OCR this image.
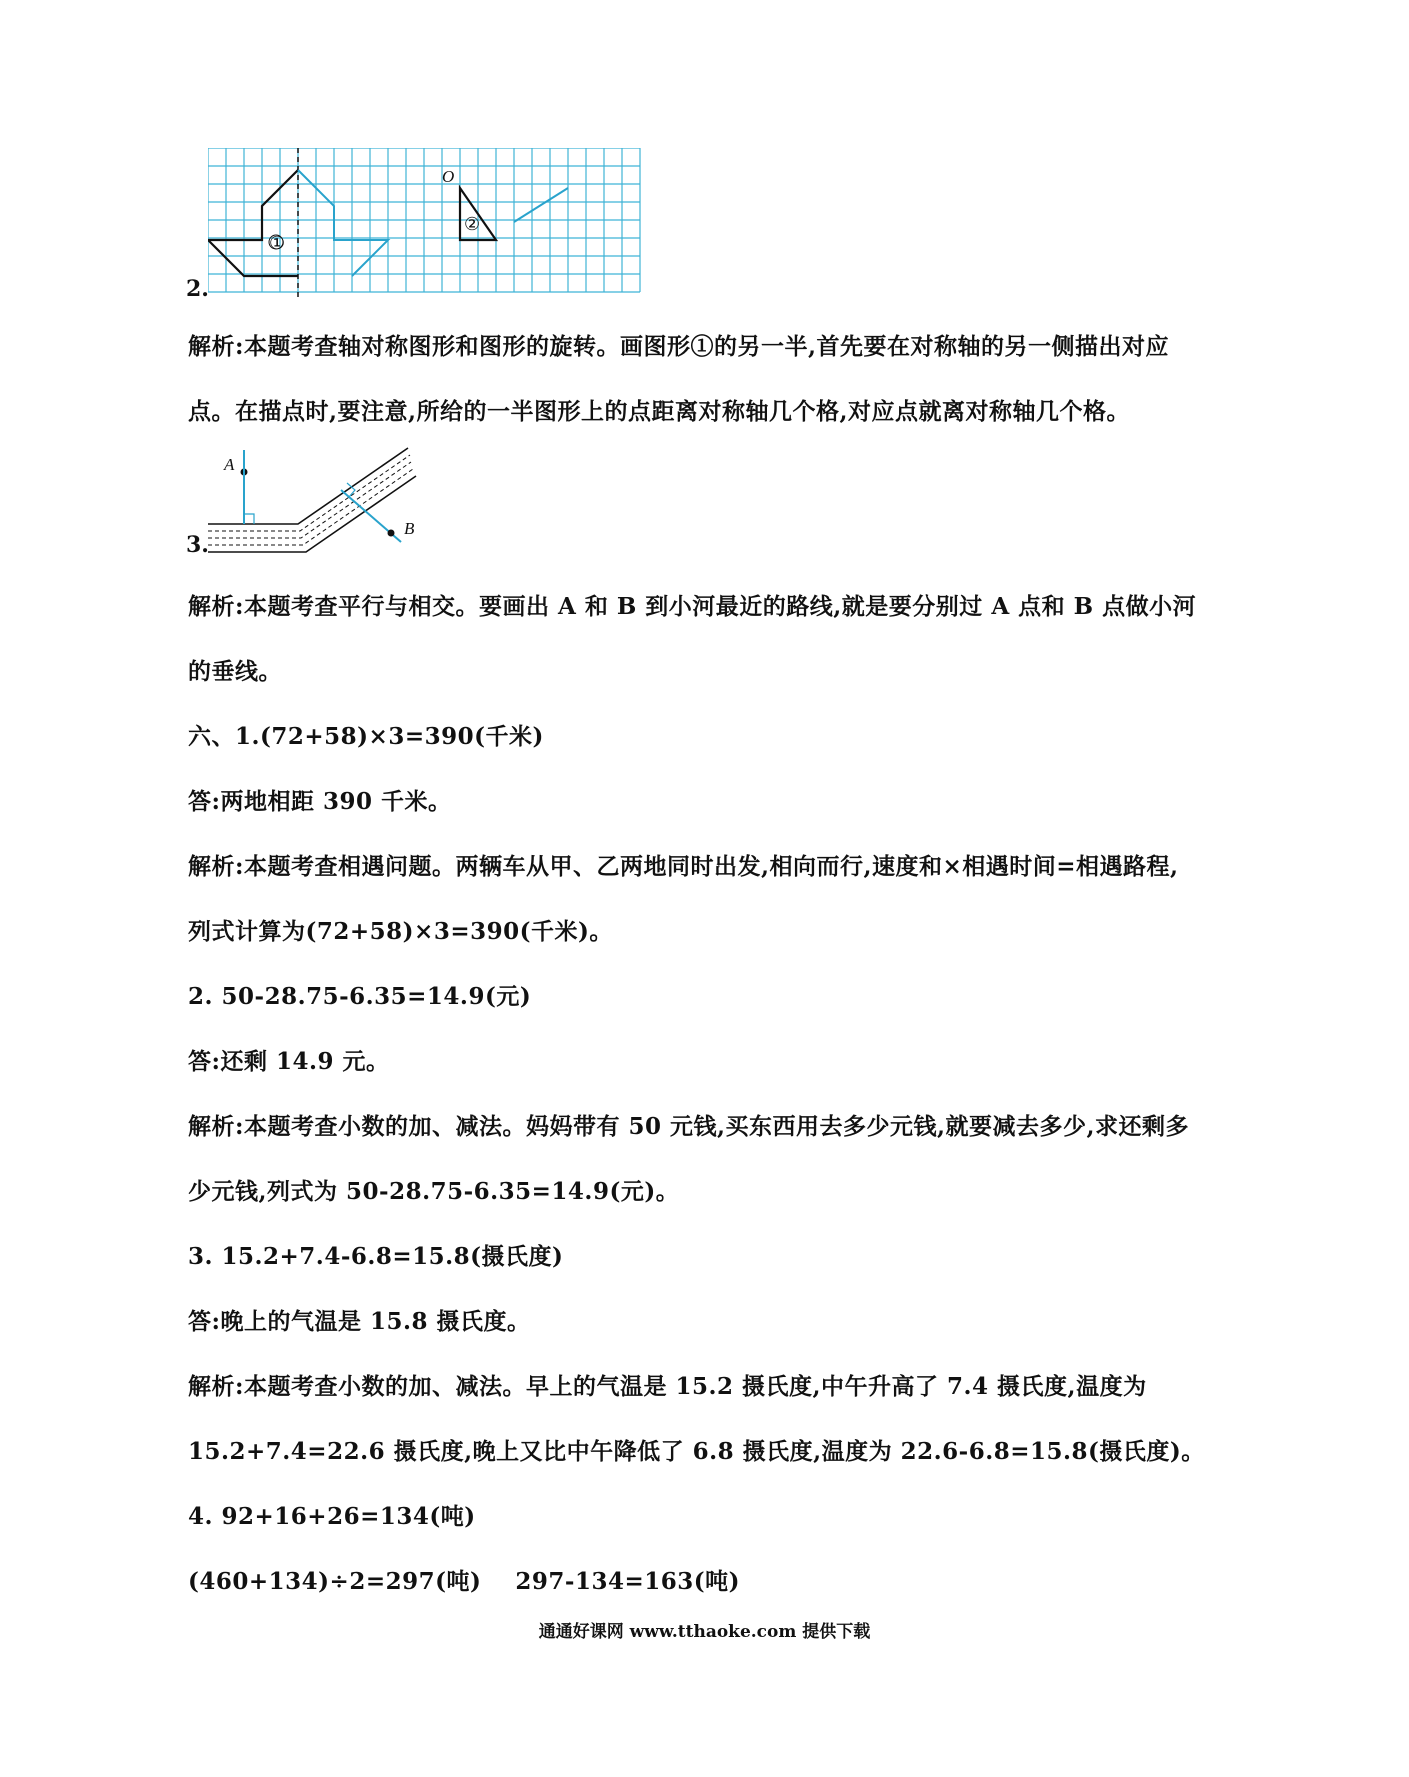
2.
①
O
②
解析:本题考查轴对称图形和图形的旋转。画图形①的另一半,首先要在对称轴的另一侧描出对应
点。在描点时,要注意,所给的一半图形上的点距离对称轴几个格,对应点就离对称轴几个格。
3.
A
B
解析:本题考查平行与相交。要画出 A 和 B 到小河最近的路线,就是要分别过 A 点和 B 点做小河
的垂线。
六、1.(72+58)×3=390(千米)
答:两地相距 390 千米。
解析:本题考查相遇问题。两辆车从甲、乙两地同时出发,相向而行,速度和×相遇时间=相遇路程,
列式计算为(72+58)×3=390(千米)。
2. 50-28.75-6.35=14.9(元)
答:还剩 14.9 元。
解析:本题考查小数的加、减法。妈妈带有 50 元钱,买东西用去多少元钱,就要减去多少,求还剩多
少元钱,列式为 50-28.75-6.35=14.9(元)。
3. 15.2+7.4-6.8=15.8(摄氏度)
答:晚上的气温是 15.8 摄氏度。
解析:本题考查小数的加、减法。早上的气温是 15.2 摄氏度,中午升高了 7.4 摄氏度,温度为
15.2+7.4=22.6 摄氏度,晚上又比中午降低了 6.8 摄氏度,温度为 22.6-6.8=15.8(摄氏度)。
4. 92+16+26=134(吨)
(460+134)÷2=297(吨)    297-134=163(吨)
通通好课网 www.tthaoke.com 提供下载
